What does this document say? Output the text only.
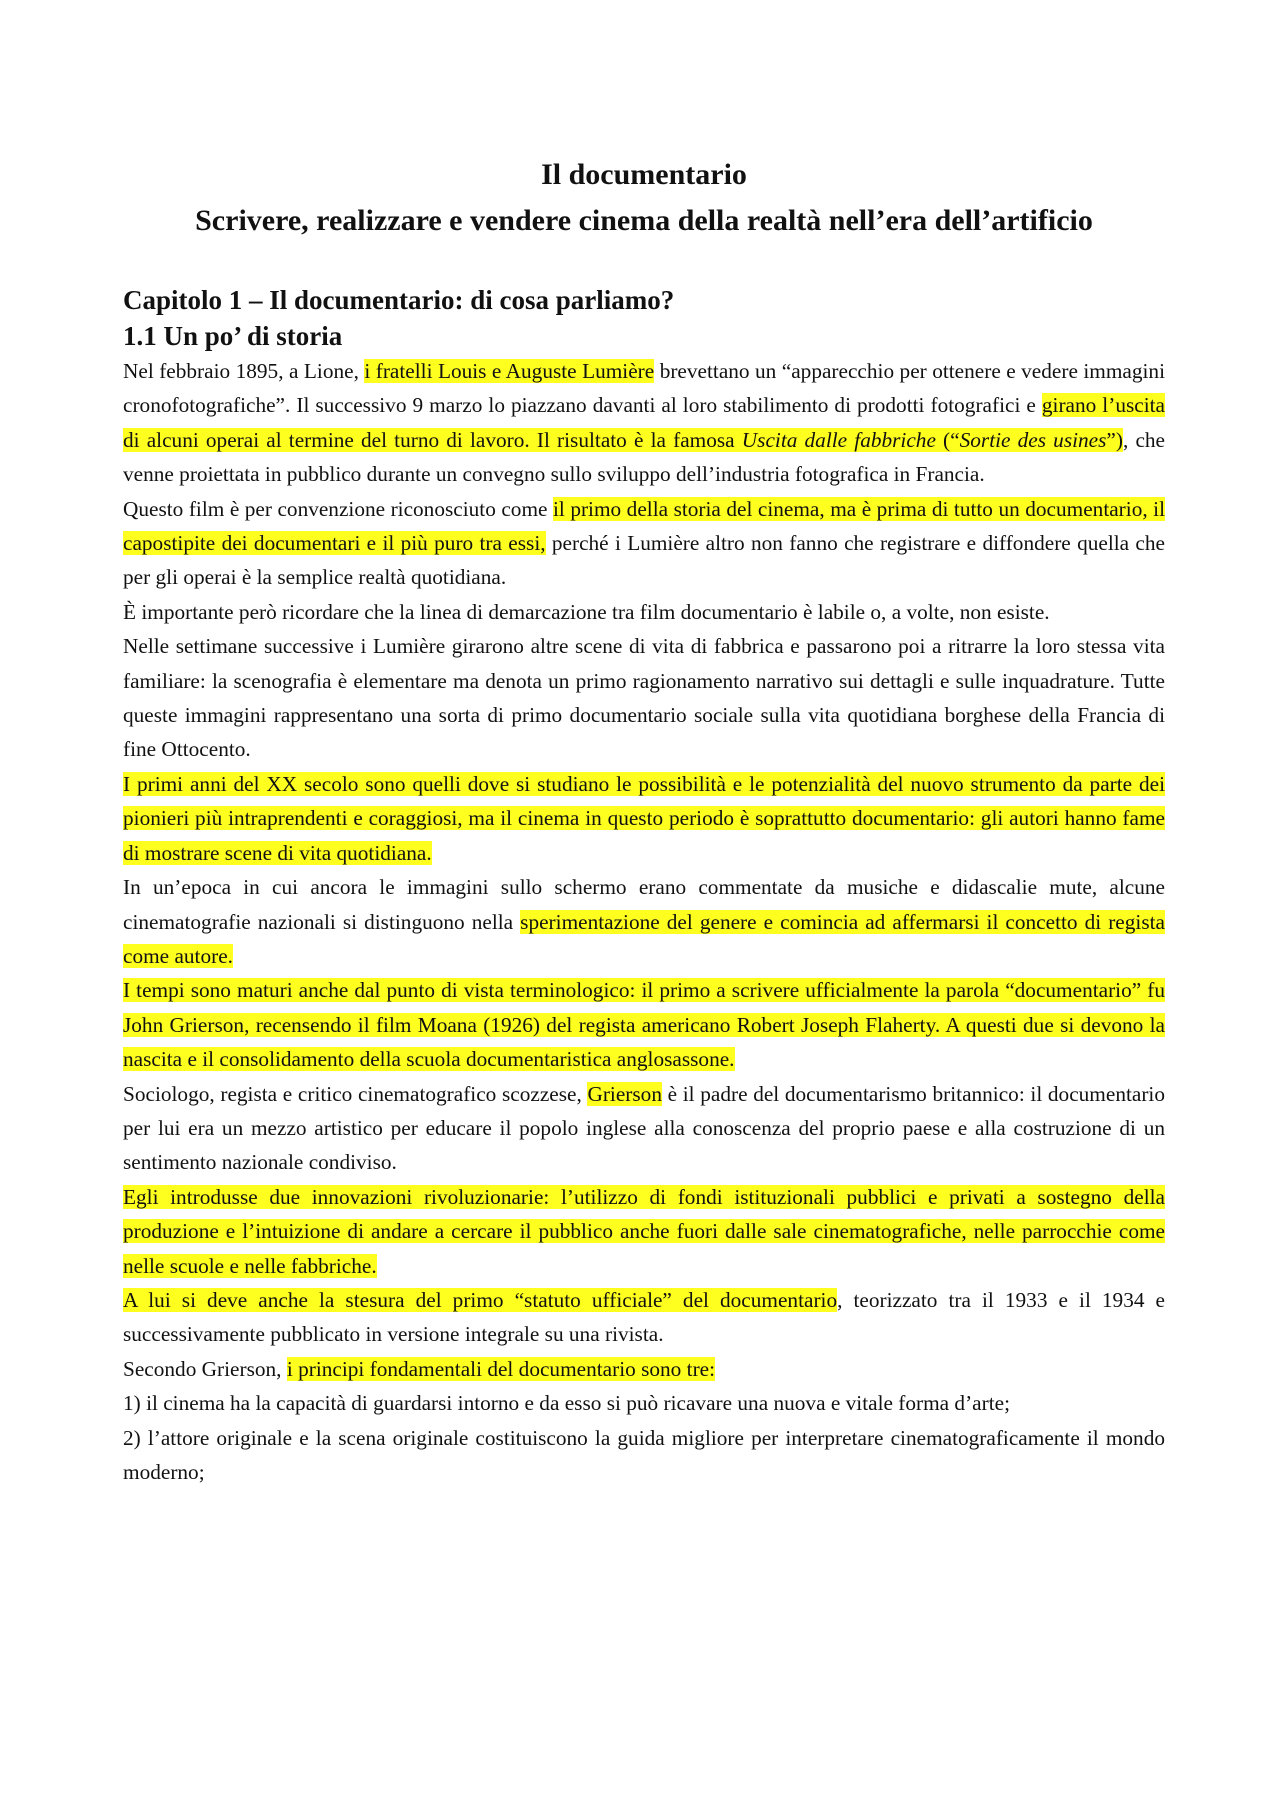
Il documentario
Scrivere, realizzare e vendere cinema della realtà nell’era dell’artificio
Capitolo 1 – Il documentario: di cosa parliamo?
1.1 Un po’ di storia

Nel febbraio 1895, a Lione, i fratelli Louis e Auguste Lumière brevettano un “apparecchio per ottenere e vedere immagini cronofotografiche”. Il successivo 9 marzo lo piazzano davanti al loro stabilimento di prodotti fotografici e girano l’uscita di alcuni operai al termine del turno di lavoro. Il risultato è la famosa Uscita dalle fabbriche (“Sortie des usines”), che venne proiettata in pubblico durante un convegno sullo sviluppo dell’industria fotografica in Francia.

Questo film è per convenzione riconosciuto come il primo della storia del cinema, ma è prima di tutto un documentario, il capostipite dei documentari e il più puro tra essi, perché i Lumière altro non fanno che registrare e diffondere quella che per gli operai è la semplice realtà quotidiana.

È importante però ricordare che la linea di demarcazione tra film documentario è labile o, a volte, non esiste.

Nelle settimane successive i Lumière girarono altre scene di vita di fabbrica e passarono poi a ritrarre la loro stessa vita familiare: la scenografia è elementare ma denota un primo ragionamento narrativo sui dettagli e sulle inquadrature. Tutte queste immagini rappresentano una sorta di primo documentario sociale sulla vita quotidiana borghese della Francia di fine Ottocento.

I primi anni del XX secolo sono quelli dove si studiano le possibilità e le potenzialità del nuovo strumento da parte dei pionieri più intraprendenti e coraggiosi, ma il cinema in questo periodo è soprattutto documentario: gli autori hanno fame di mostrare scene di vita quotidiana.

In un’epoca in cui ancora le immagini sullo schermo erano commentate da musiche e didascalie mute, alcune cinematografie nazionali si distinguono nella sperimentazione del genere e comincia ad affermarsi il concetto di regista come autore.

I tempi sono maturi anche dal punto di vista terminologico: il primo a scrivere ufficialmente la parola “documentario” fu John Grierson, recensendo il film Moana (1926) del regista americano Robert Joseph Flaherty. A questi due si devono la nascita e il consolidamento della scuola documentaristica anglosassone.

Sociologo, regista e critico cinematografico scozzese, Grierson è il padre del documentarismo britannico: il documentario per lui era un mezzo artistico per educare il popolo inglese alla conoscenza del proprio paese e alla costruzione di un sentimento nazionale condiviso.

Egli introdusse due innovazioni rivoluzionarie: l’utilizzo di fondi istituzionali pubblici e privati a sostegno della produzione e l’intuizione di andare a cercare il pubblico anche fuori dalle sale cinematografiche, nelle parrocchie come nelle scuole e nelle fabbriche.

A lui si deve anche la stesura del primo “statuto ufficiale” del documentario, teorizzato tra il 1933 e il 1934 e successivamente pubblicato in versione integrale su una rivista.

Secondo Grierson, i principi fondamentali del documentario sono tre:

1) il cinema ha la capacità di guardarsi intorno e da esso si può ricavare una nuova e vitale forma d’arte;

2) l’attore originale e la scena originale costituiscono la guida migliore per interpretare cinematograficamente il mondo moderno;
